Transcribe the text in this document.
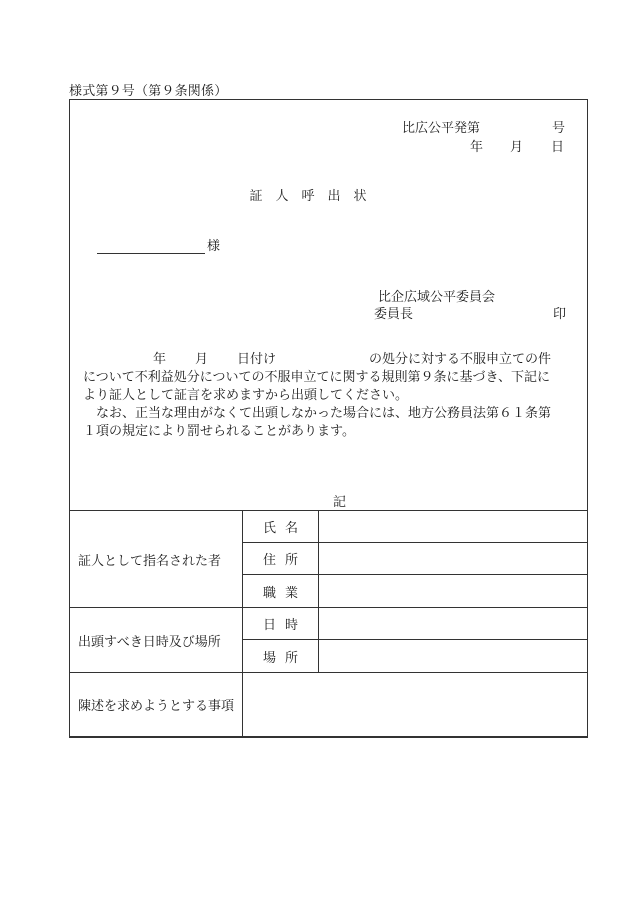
様式第９号（第９条関係）
比広公平発第	号
年 月 日
証人呼出状
様
比企広域公平委員会
委員長	印

年 月 日付け	の処分に対する不服申立ての件

について不利益処分についての不服申立てに関する規則第９条に基づき、下記に

より証人として証言を求めますから出頭してください。

なお、正当な理由がなくて出頭しなかった場合には、地方公務員法第６１条第

１項の規定により罰せられることがあります。

記
証人として指名された者	氏名	
	住所	
	職業	
出頭すべき日時及び場所	日時	
	場所	
陳述を求めようとする事項		
